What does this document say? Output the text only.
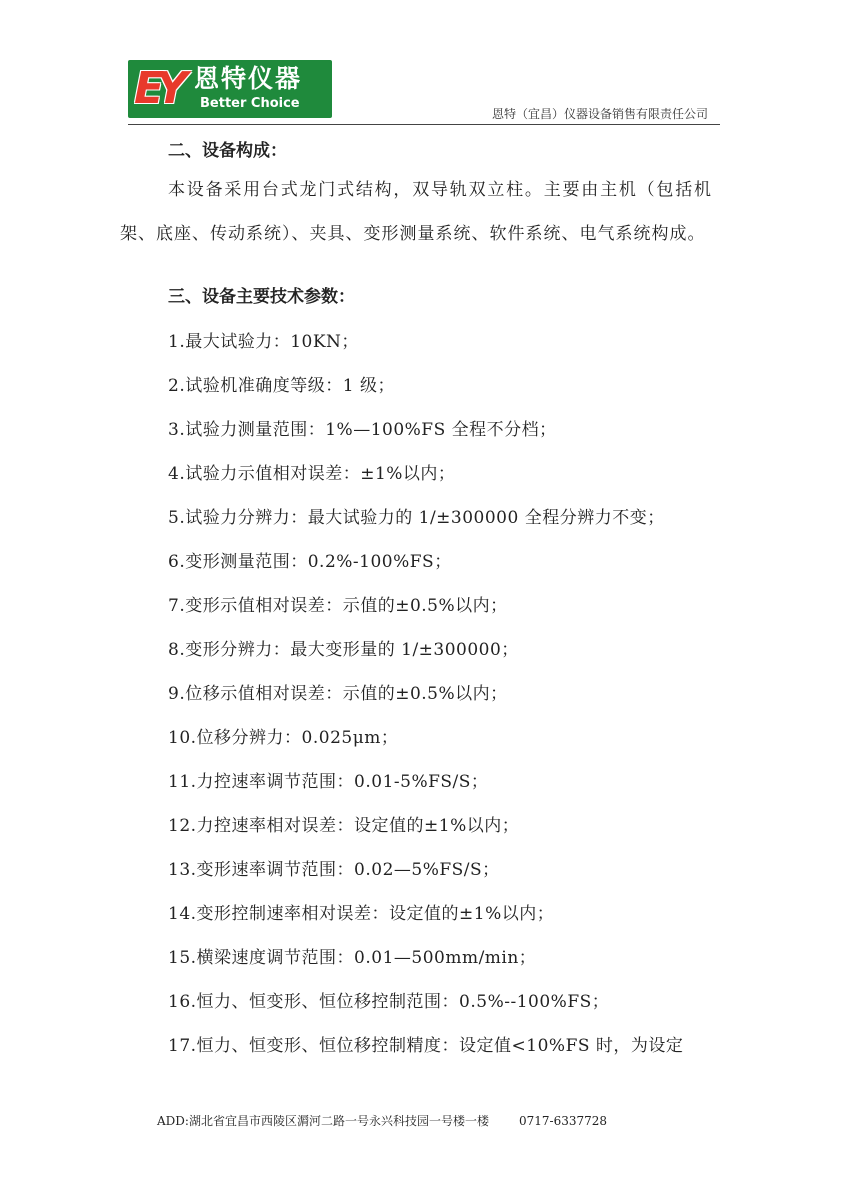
EY 恩特仪器
Better Choice
恩特（宜昌）仪器设备销售有限责任公司

二、设备构成：

本设备采用台式龙门式结构，双导轨双立柱。主要由主机（包括机架、底座、传动系统）、夹具、变形测量系统、软件系统、电气系统构成。

三、设备主要技术参数：

1.最大试验力：10KN；
2.试验机准确度等级：1 级；
3.试验力测量范围：1%—100%FS 全程不分档；
4.试验力示值相对误差：±1%以内；
5.试验力分辨力：最大试验力的 1/±300000 全程分辨力不变；
6.变形测量范围：0.2%-100%FS；
7.变形示值相对误差：示值的±0.5%以内；
8.变形分辨力：最大变形量的 1/±300000；
9.位移示值相对误差：示值的±0.5%以内；
10.位移分辨力：0.025μm；
11.力控速率调节范围：0.01-5%FS/S；
12.力控速率相对误差：设定值的±1%以内；
13.变形速率调节范围：0.02—5%FS/S；
14.变形控制速率相对误差：设定值的±1%以内；
15.横梁速度调节范围：0.01—500mm/min；
16.恒力、恒变形、恒位移控制范围：0.5%--100%FS；
17.恒力、恒变形、恒位移控制精度：设定值<10%FS 时，为设定
ADD:湖北省宜昌市西陵区漘河二路一号永兴科技园一号楼一楼	0717-6337728
